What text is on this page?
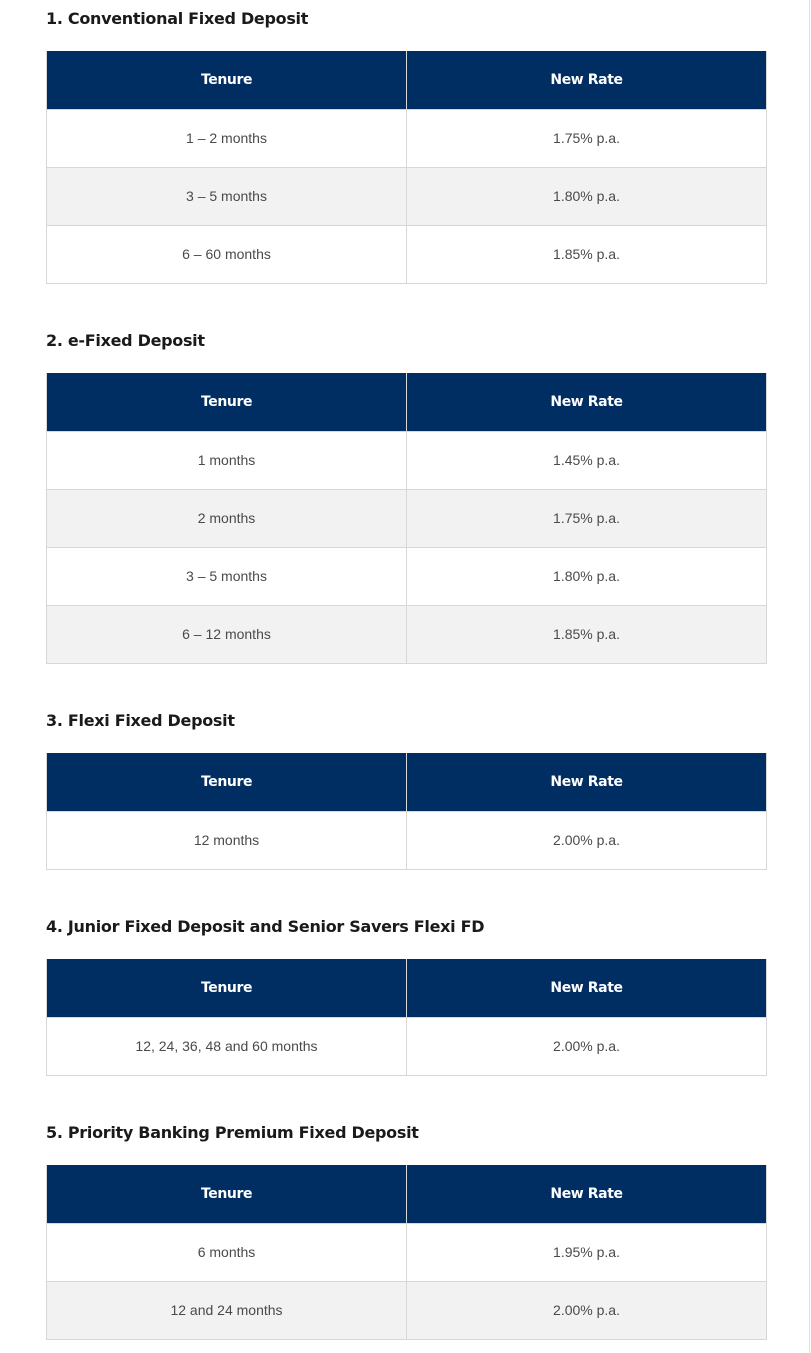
1. Conventional Fixed Deposit
Tenure	New Rate
1 – 2 months	1.75% p.a.
3 – 5 months	1.80% p.a.
6 – 60 months	1.85% p.a.
2. e-Fixed Deposit
Tenure	New Rate
1 months	1.45% p.a.
2 months	1.75% p.a.
3 – 5 months	1.80% p.a.
6 – 12 months	1.85% p.a.
3. Flexi Fixed Deposit
Tenure	New Rate
12 months	2.00% p.a.
4. Junior Fixed Deposit and Senior Savers Flexi FD
Tenure	New Rate
12, 24, 36, 48 and 60 months	2.00% p.a.
5. Priority Banking Premium Fixed Deposit
Tenure	New Rate
6 months	1.95% p.a.
12 and 24 months	2.00% p.a.
